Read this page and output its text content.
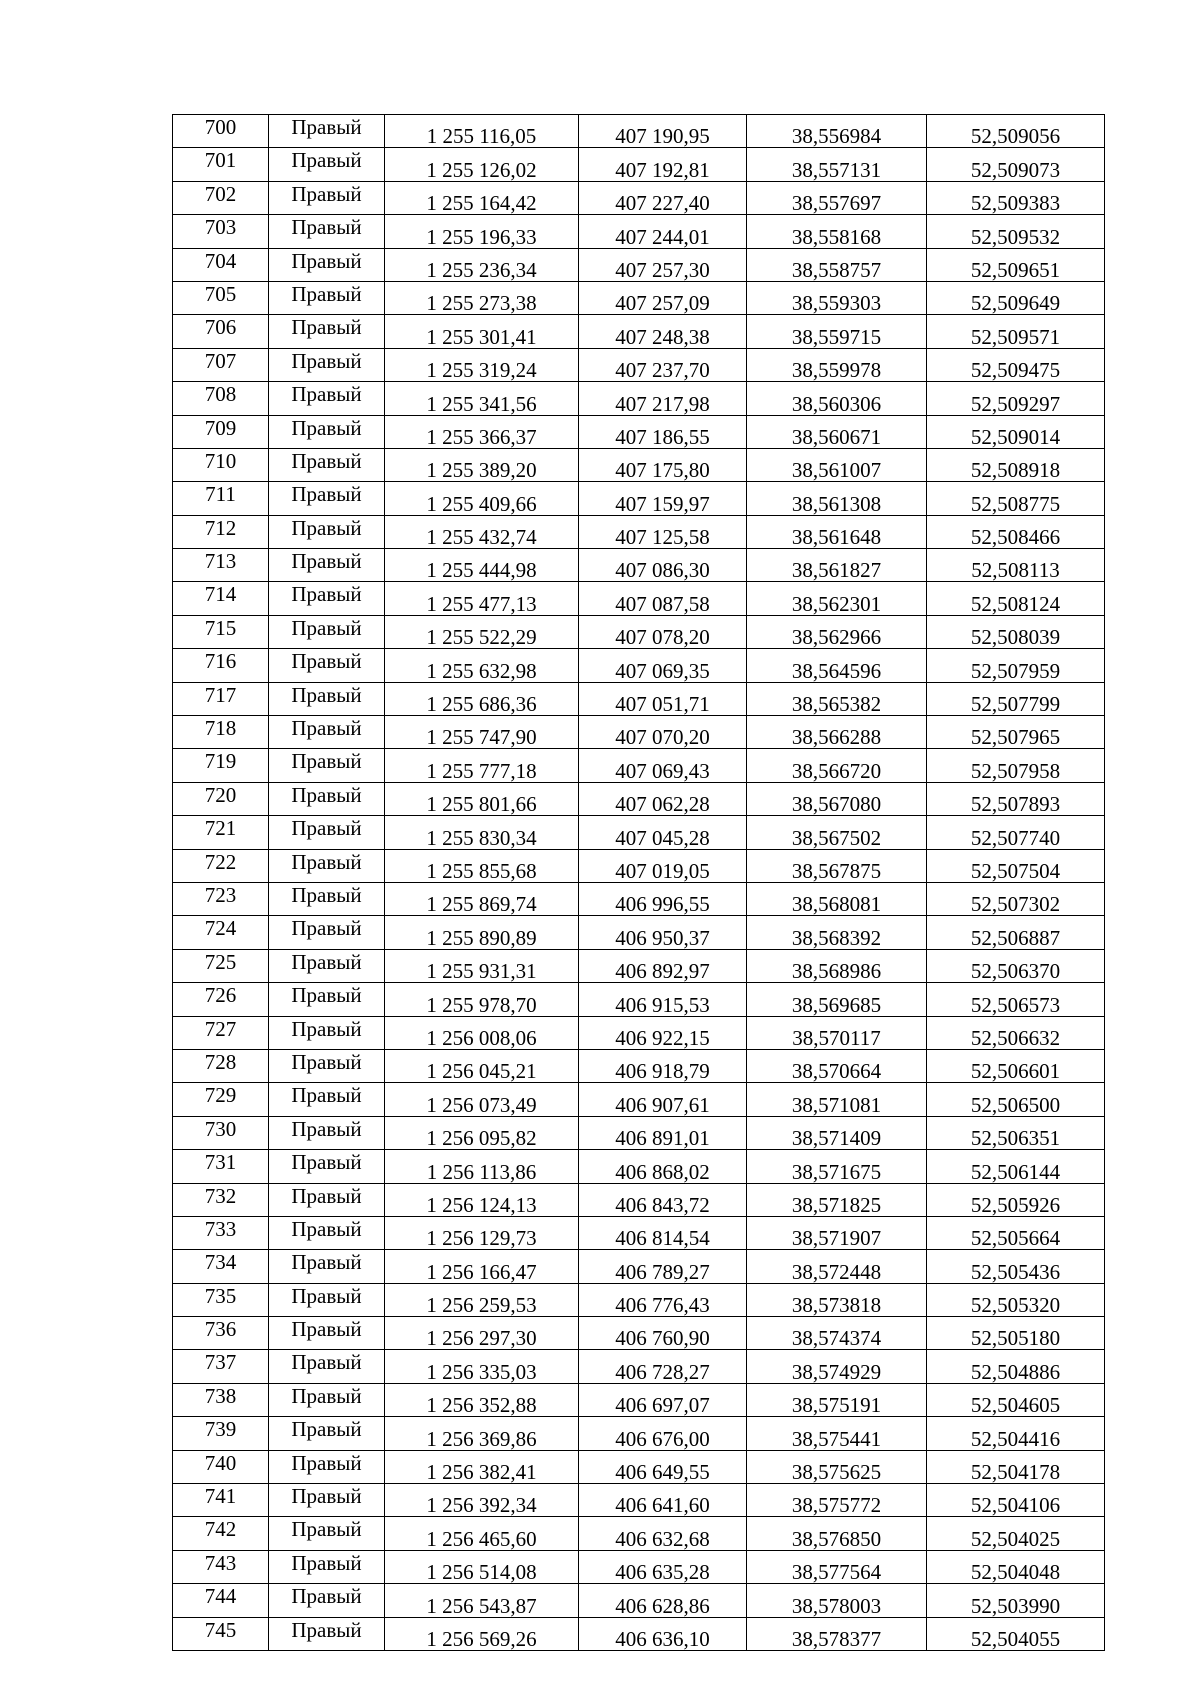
700	Правый	1 255 116,05	407 190,95	38,556984	52,509056
701	Правый	1 255 126,02	407 192,81	38,557131	52,509073
702	Правый	1 255 164,42	407 227,40	38,557697	52,509383
703	Правый	1 255 196,33	407 244,01	38,558168	52,509532
704	Правый	1 255 236,34	407 257,30	38,558757	52,509651
705	Правый	1 255 273,38	407 257,09	38,559303	52,509649
706	Правый	1 255 301,41	407 248,38	38,559715	52,509571
707	Правый	1 255 319,24	407 237,70	38,559978	52,509475
708	Правый	1 255 341,56	407 217,98	38,560306	52,509297
709	Правый	1 255 366,37	407 186,55	38,560671	52,509014
710	Правый	1 255 389,20	407 175,80	38,561007	52,508918
711	Правый	1 255 409,66	407 159,97	38,561308	52,508775
712	Правый	1 255 432,74	407 125,58	38,561648	52,508466
713	Правый	1 255 444,98	407 086,30	38,561827	52,508113
714	Правый	1 255 477,13	407 087,58	38,562301	52,508124
715	Правый	1 255 522,29	407 078,20	38,562966	52,508039
716	Правый	1 255 632,98	407 069,35	38,564596	52,507959
717	Правый	1 255 686,36	407 051,71	38,565382	52,507799
718	Правый	1 255 747,90	407 070,20	38,566288	52,507965
719	Правый	1 255 777,18	407 069,43	38,566720	52,507958
720	Правый	1 255 801,66	407 062,28	38,567080	52,507893
721	Правый	1 255 830,34	407 045,28	38,567502	52,507740
722	Правый	1 255 855,68	407 019,05	38,567875	52,507504
723	Правый	1 255 869,74	406 996,55	38,568081	52,507302
724	Правый	1 255 890,89	406 950,37	38,568392	52,506887
725	Правый	1 255 931,31	406 892,97	38,568986	52,506370
726	Правый	1 255 978,70	406 915,53	38,569685	52,506573
727	Правый	1 256 008,06	406 922,15	38,570117	52,506632
728	Правый	1 256 045,21	406 918,79	38,570664	52,506601
729	Правый	1 256 073,49	406 907,61	38,571081	52,506500
730	Правый	1 256 095,82	406 891,01	38,571409	52,506351
731	Правый	1 256 113,86	406 868,02	38,571675	52,506144
732	Правый	1 256 124,13	406 843,72	38,571825	52,505926
733	Правый	1 256 129,73	406 814,54	38,571907	52,505664
734	Правый	1 256 166,47	406 789,27	38,572448	52,505436
735	Правый	1 256 259,53	406 776,43	38,573818	52,505320
736	Правый	1 256 297,30	406 760,90	38,574374	52,505180
737	Правый	1 256 335,03	406 728,27	38,574929	52,504886
738	Правый	1 256 352,88	406 697,07	38,575191	52,504605
739	Правый	1 256 369,86	406 676,00	38,575441	52,504416
740	Правый	1 256 382,41	406 649,55	38,575625	52,504178
741	Правый	1 256 392,34	406 641,60	38,575772	52,504106
742	Правый	1 256 465,60	406 632,68	38,576850	52,504025
743	Правый	1 256 514,08	406 635,28	38,577564	52,504048
744	Правый	1 256 543,87	406 628,86	38,578003	52,503990
745	Правый	1 256 569,26	406 636,10	38,578377	52,504055
